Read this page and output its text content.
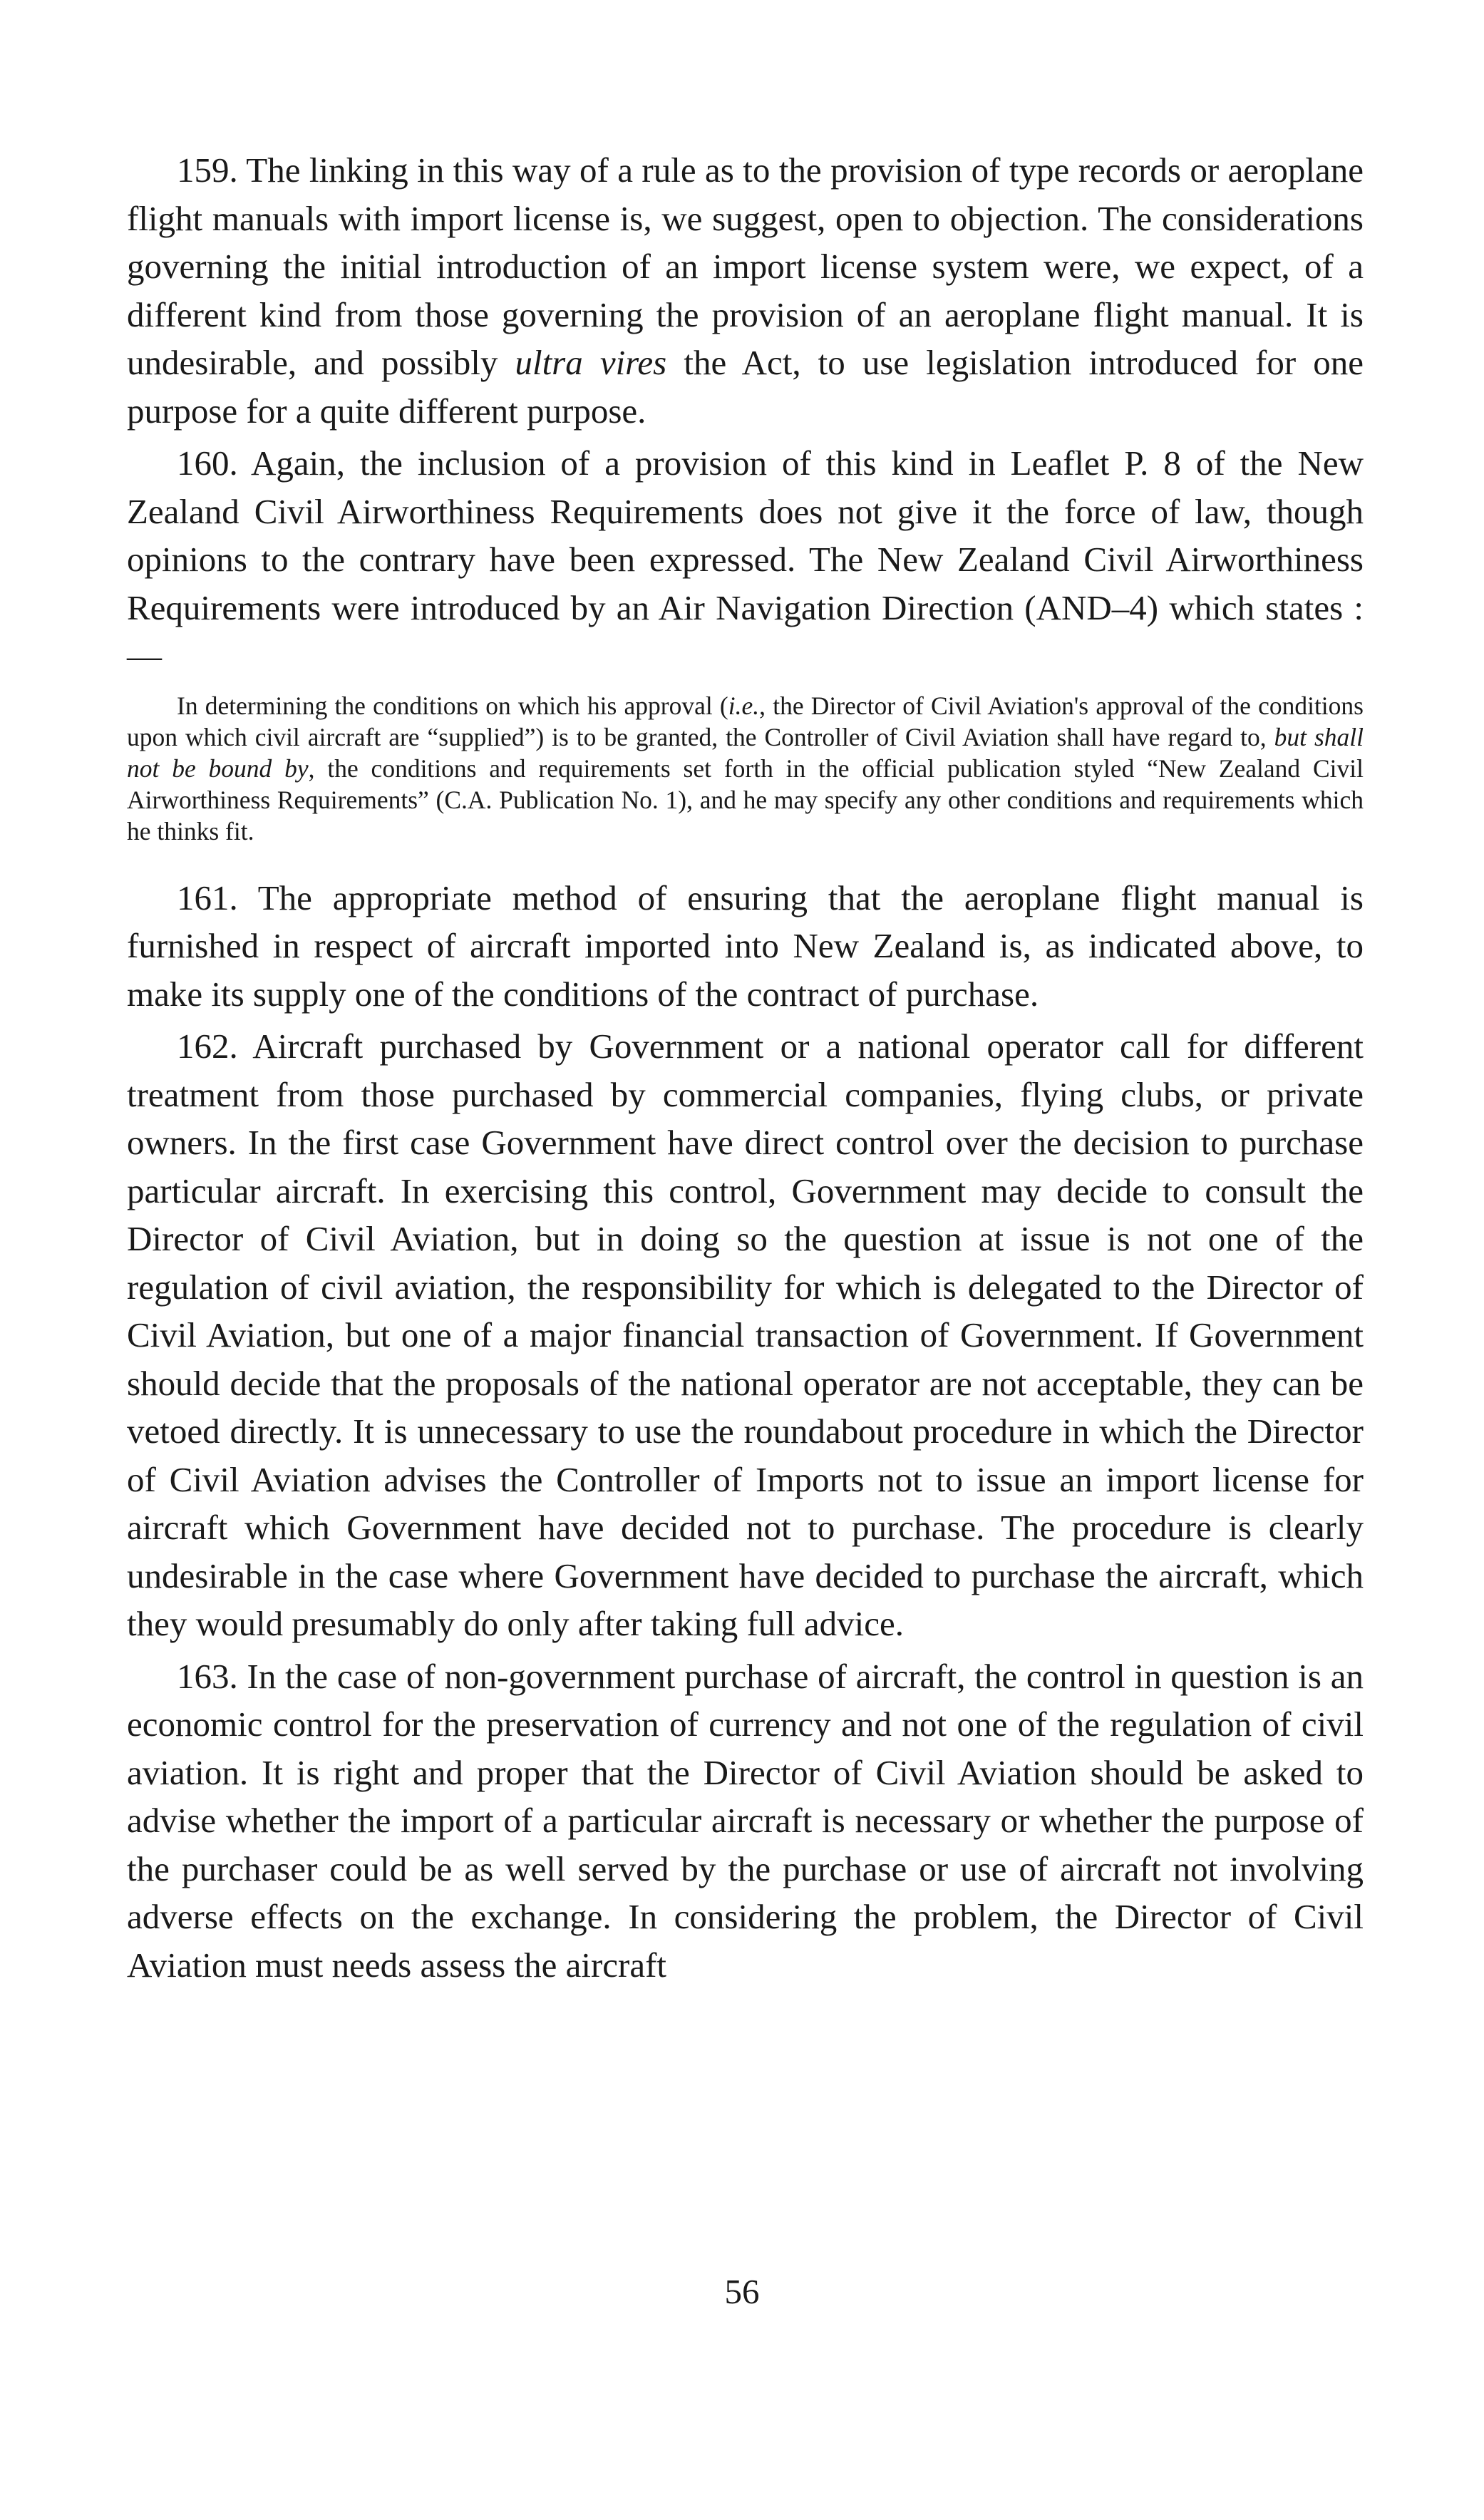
159. The linking in this way of a rule as to the provision of type records or aeroplane flight manuals with import license is, we suggest, open to objection. The considerations governing the initial introduction of an import license system were, we expect, of a different kind from those governing the provision of an aeroplane flight manual. It is undesirable, and possibly ultra vires the Act, to use legislation introduced for one purpose for a quite different purpose.

160. Again, the inclusion of a provision of this kind in Leaflet P. 8 of the New Zealand Civil Airworthiness Requirements does not give it the force of law, though opinions to the contrary have been expressed. The New Zealand Civil Airworthiness Requirements were introduced by an Air Navigation Direction (AND–4) which states :—

In determining the conditions on which his approval (i.e., the Director of Civil Aviation's approval of the conditions upon which civil aircraft are “supplied”) is to be granted, the Controller of Civil Aviation shall have regard to, but shall not be bound by, the conditions and requirements set forth in the official publication styled “New Zealand Civil Airworthiness Requirements” (C.A. Publication No. 1), and he may specify any other conditions and requirements which he thinks fit.

161. The appropriate method of ensuring that the aeroplane flight manual is furnished in respect of aircraft imported into New Zealand is, as indicated above, to make its supply one of the conditions of the contract of purchase.

162. Aircraft purchased by Government or a national operator call for different treatment from those purchased by commercial companies, flying clubs, or private owners. In the first case Government have direct control over the decision to purchase particular aircraft. In exercising this control, Government may decide to consult the Director of Civil Aviation, but in doing so the question at issue is not one of the regulation of civil aviation, the responsibility for which is delegated to the Director of Civil Aviation, but one of a major financial transaction of Government. If Government should decide that the proposals of the national operator are not acceptable, they can be vetoed directly. It is unnecessary to use the roundabout procedure in which the Director of Civil Aviation advises the Controller of Imports not to issue an import license for aircraft which Government have decided not to purchase. The procedure is clearly undesirable in the case where Government have decided to purchase the aircraft, which they would presumably do only after taking full advice.

163. In the case of non-government purchase of aircraft, the control in question is an economic control for the preservation of currency and not one of the regulation of civil aviation. It is right and proper that the Director of Civil Aviation should be asked to advise whether the import of a particular aircraft is necessary or whether the purpose of the purchaser could be as well served by the purchase or use of aircraft not involving adverse effects on the exchange. In considering the problem, the Director of Civil Aviation must needs assess the aircraft

56
